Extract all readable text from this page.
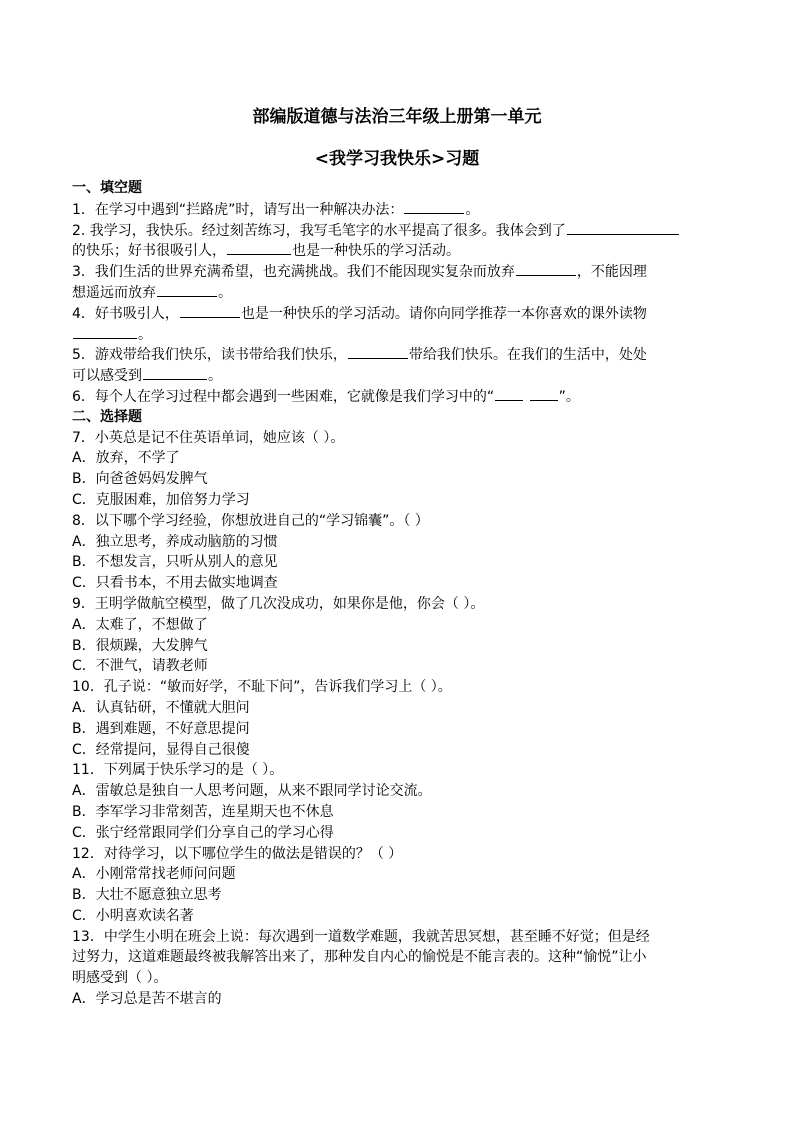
部编版道德与法治三年级上册第一单元
<我学习我快乐>习题
一、填空题
1．在学习中遇到“拦路虎”时，请写出一种解决办法：	。
2. 我学习，我快乐。经过刻苦练习，我写毛笔字的水平提高了很多。我体会到了
的快乐；好书很吸引人，	也是一种快乐的学习活动。
3．我们生活的世界充满希望，也充满挑战。我们不能因现实复杂而放弃	，不能因理
想遥远而放弃	。
4．好书吸引人，	也是一种快乐的学习活动。请你向同学推荐一本你喜欢的课外读物
。
5．游戏带给我们快乐，读书带给我们快乐，	带给我们快乐。在我们的生活中，处处
可以感受到	。
6．每个人在学习过程中都会遇到一些困难，它就像是我们学习中的“	”。
二、选择题
7．小英总是记不住英语单词，她应该（ ）。
A．放弃，不学了
B．向爸爸妈妈发脾气
C．克服困难，加倍努力学习
8．以下哪个学习经验，你想放进自己的“学习锦囊”。（ ）
A．独立思考，养成动脑筋的习惯
B．不想发言，只听从别人的意见
C．只看书本，不用去做实地调查
9．王明学做航空模型，做了几次没成功，如果你是他，你会（ ）。
A．太难了，不想做了
B．很烦躁，大发脾气
C．不泄气，请教老师
10．孔子说：“敏而好学，不耻下问”，告诉我们学习上（ ）。
A．认真钻研，不懂就大胆问
B．遇到难题，不好意思提问
C．经常提问，显得自己很傻
11．下列属于快乐学习的是（ ）。
A．雷敏总是独自一人思考问题，从来不跟同学讨论交流。
B．李军学习非常刻苦，连星期天也不休息
C．张宁经常跟同学们分享自己的学习心得
12．对待学习，以下哪位学生的做法是错误的？（ ）
A．小刚常常找老师问问题
B．大壮不愿意独立思考
C．小明喜欢读名著
13．中学生小明在班会上说：每次遇到一道数学难题，我就苦思冥想，甚至睡不好觉；但是经
过努力，这道难题最终被我解答出来了，那种发自内心的愉悦是不能言表的。这种“愉悦”让小
明感受到（ ）。
A．学习总是苦不堪言的
